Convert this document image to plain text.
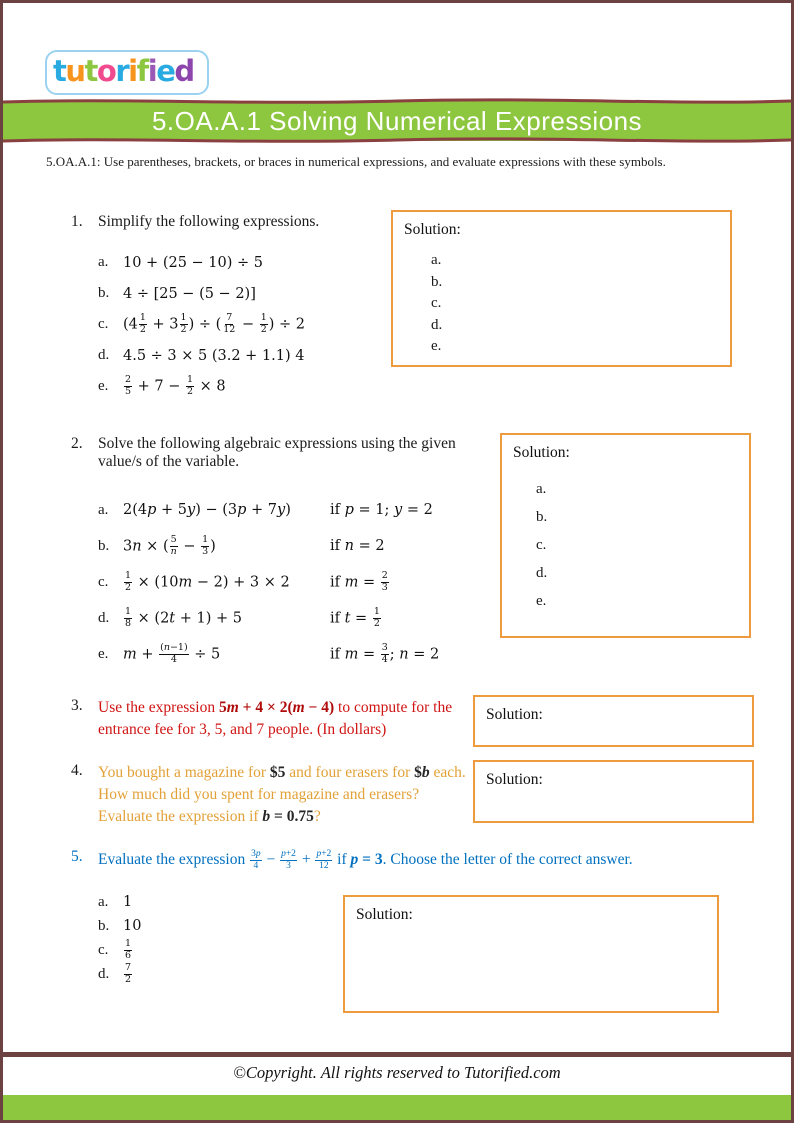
tutorified
5.OA.A.1 Solving Numerical Expressions
5.OA.A.1: Use parentheses, brackets, or braces in numerical expressions, and evaluate expressions with these symbols.
1. Simplify the following expressions.
a.	10 + (25 − 10) ÷ 5
b. 4 ÷ [25 − (5 − 2)]
c.	($4 \frac{1}{2} + 3 \frac{1}{2}$ ) ÷ ( $\frac{7}{12} - \frac{1}{2}$ ) ÷ 2
d. 4.5 ÷ 3 × 5 (3.2 + 1.1) 4
e.	$\frac{2}{5} + 7 - \frac{1}{2} \times 8$
Solution:
a.
b.
c.
d.
e.
2. Solve the following algebraic expressions using the given value/s of the variable.
a.	2(4p + 5y) − (3p + 7y)	if p = 1; y = 2
b. 3n × ( $\frac{5}{n} - \frac{1}{3}$ )	if n = 2
c.	$\frac{1}{2} \times (10m - 2) + 3 \times 2$	if $m = \frac{2}{3}$
d.	$\frac{1}{8} \times (2t + 1) + 5$	if $t = \frac{1}{2}$
e.	$m + \frac{(n-1)}{4} \div 5$	if $m = \frac{3}{4}$ ; n = 2
Solution:
a.
b.
c.
d.
e.
3. Use the expression 5m + 4 × 2(m − 4) to compute for the entrance fee for 3, 5, and 7 people. (In dollars)

Solution:
4. You bought a magazine for $5 and four erasers for $b each. How much did you spent for magazine and erasers? Evaluate the expression if b = 0.75?

Solution:
5. Evaluate the expression $\frac{3p}{4} - \frac{p+2}{3} + \frac{p+2}{12}$ if p = 3. Choose the letter of the correct answer.

a.	1
b. 10
c.	$\frac{1}{6}$
d.	$\frac{7}{2}$
Solution:
©Copyright. All rights reserved to Tutorified.com
